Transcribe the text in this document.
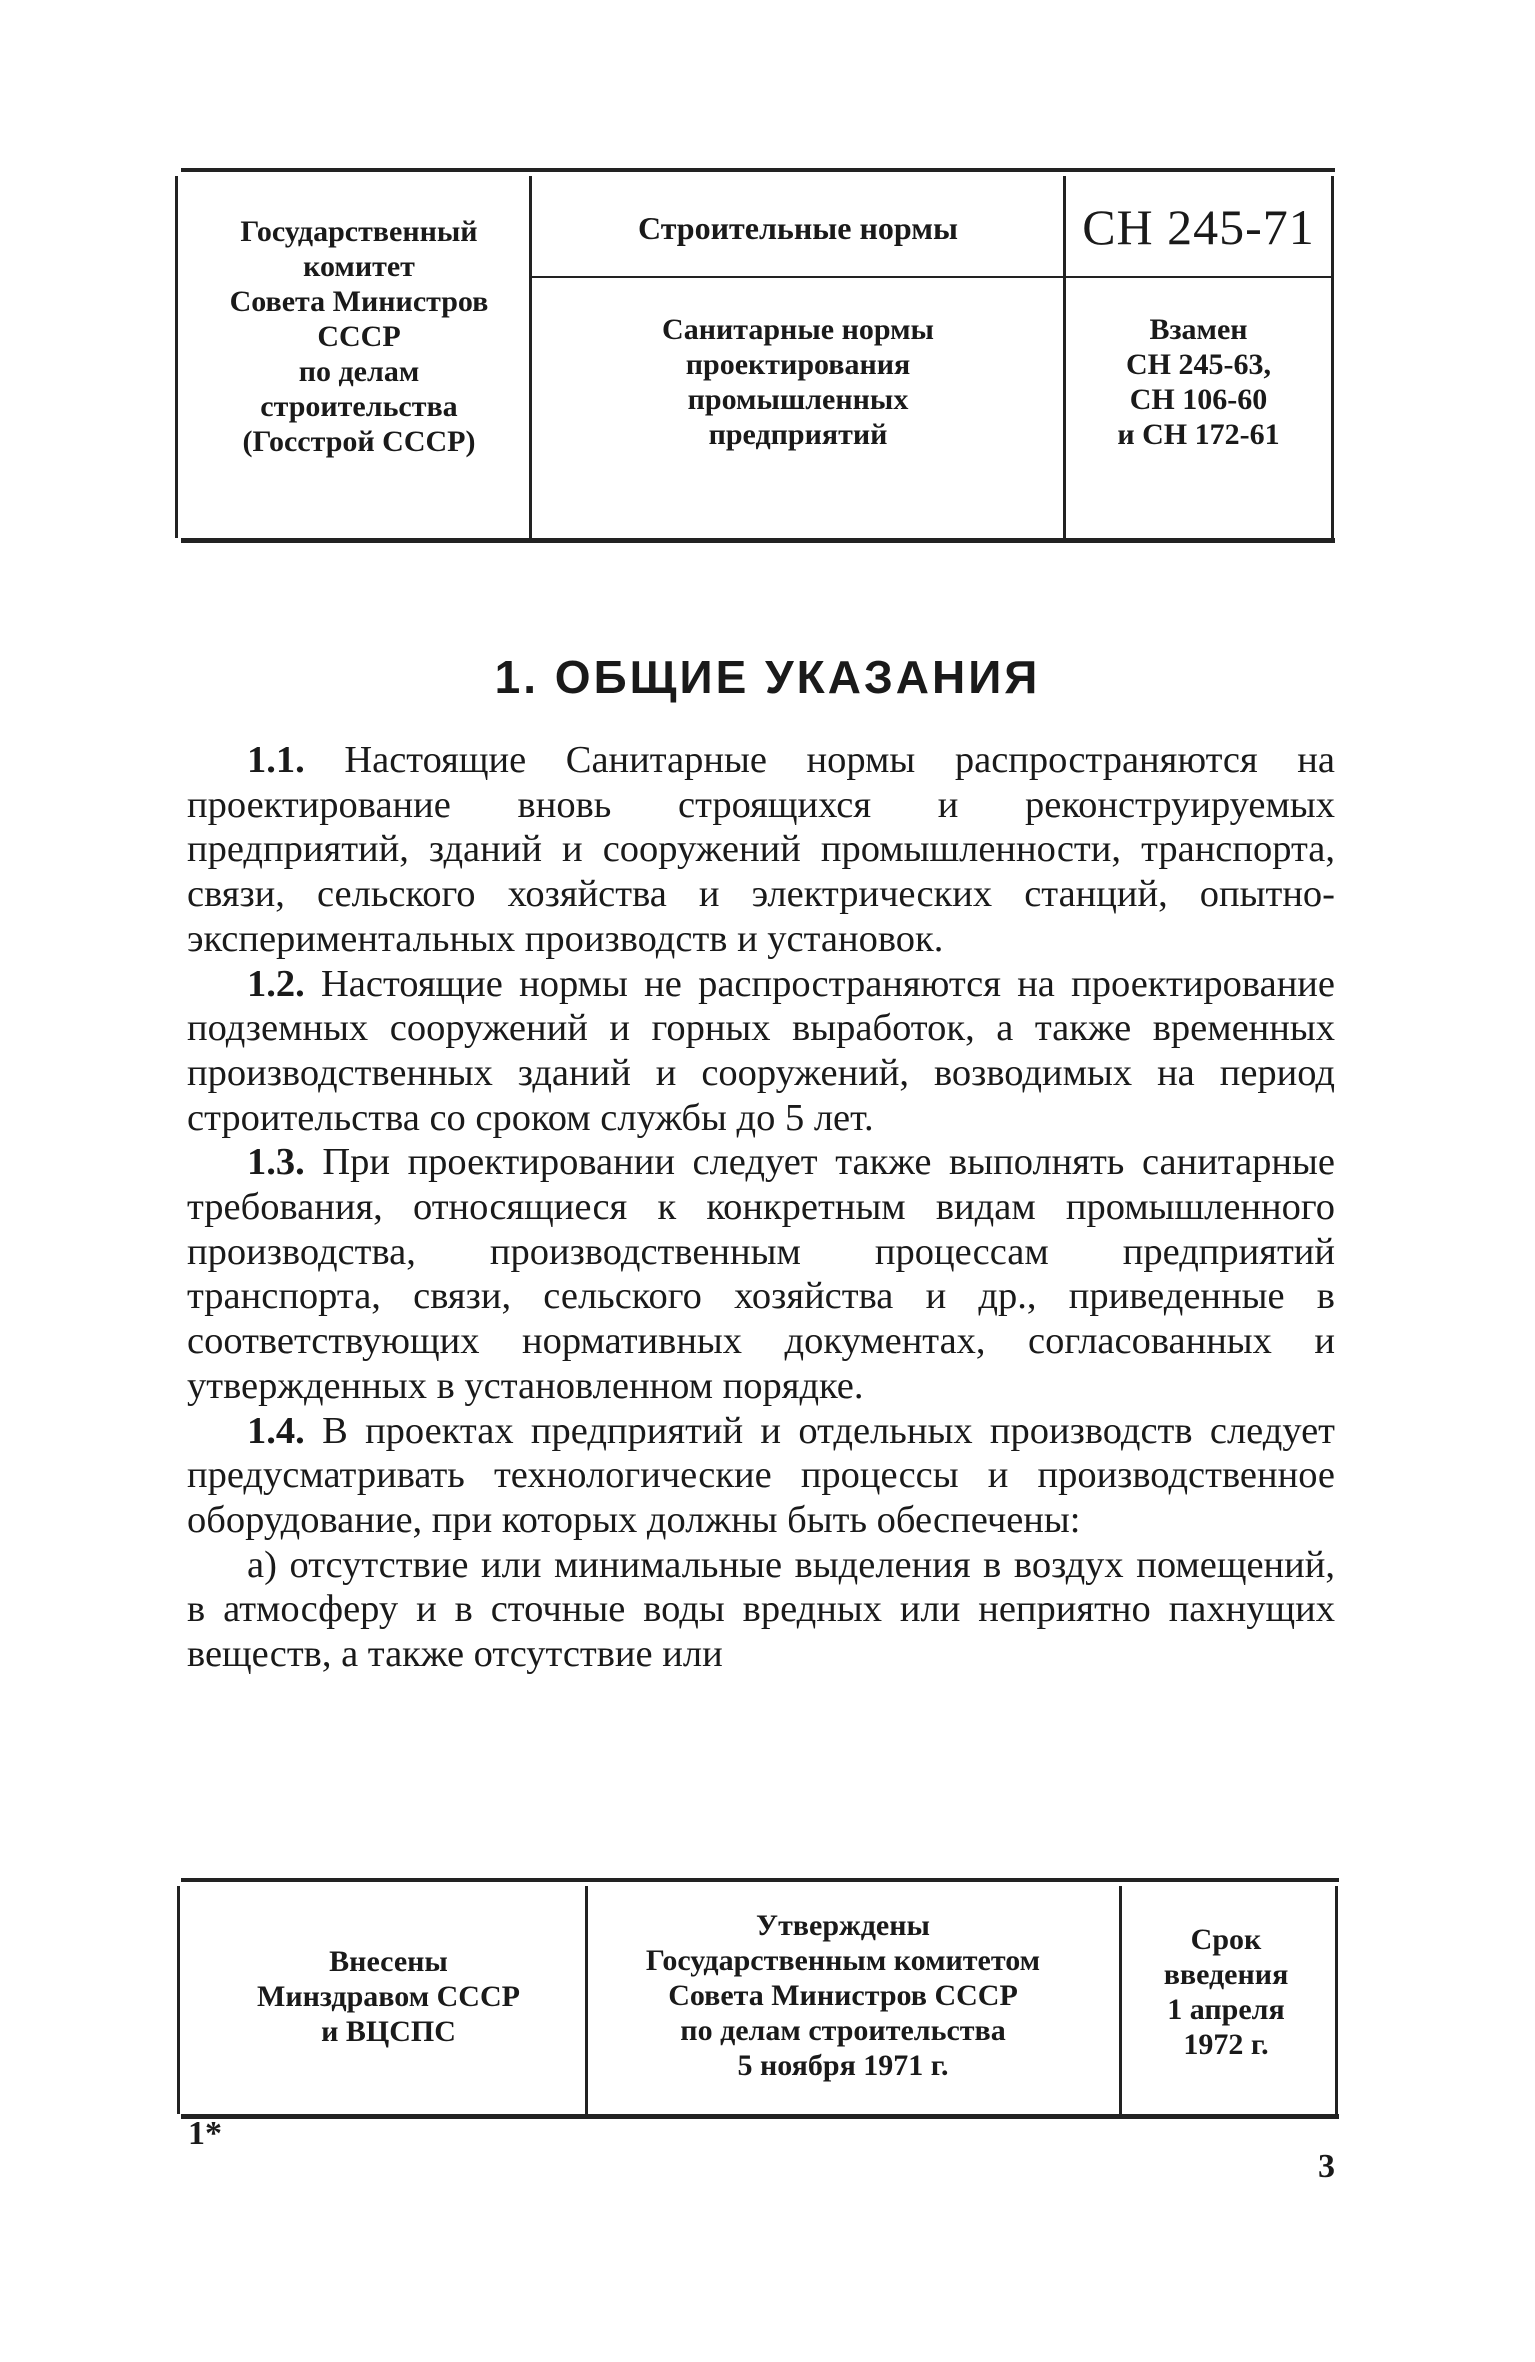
Государственный
комитет
Совета Министров
СССР
по делам
строительства
(Госстрой СССР)
Строительные нормы
Санитарные нормы
проектирования
промышленных
предприятий
СН 245-71
Взамен
СН 245-63,
СН 106-60
и СН 172-61
1. ОБЩИЕ УКАЗАНИЯ

1.1. Настоящие Санитарные нормы распространяются на проектирование вновь строящихся и реконструируемых предприятий, зданий и сооружений промышленности, транспорта, связи, сельского хозяйства и электрических станций, опытно-экспериментальных производств и установок.

1.2. Настоящие нормы не распространяются на проектирование подземных сооружений и горных выработок, а также временных производственных зданий и сооружений, возводимых на период строительства со сроком службы до 5 лет.

1.3. При проектировании следует также выполнять санитарные требования, относящиеся к конкретным видам промышленного производства, производственным процессам предприятий транспорта, связи, сельского хозяйства и др., приведенные в соответствующих нормативных документах, согласованных и утвержденных в установленном порядке.

1.4. В проектах предприятий и отдельных производств следует предусматривать технологические процессы и производственное оборудование, при которых должны быть обеспечены:

а) отсутствие или минимальные выделения в воздух помещений, в атмосферу и в сточные воды вредных или неприятно пахнущих веществ, а также отсутствие или

Внесены
Минздравом СССР
и ВЦСПС
Утверждены
Государственным комитетом
Совета Министров СССР
по делам строительства
5 ноября 1971 г.
Срок
введения
1 апреля
1972 г.
1*
3
